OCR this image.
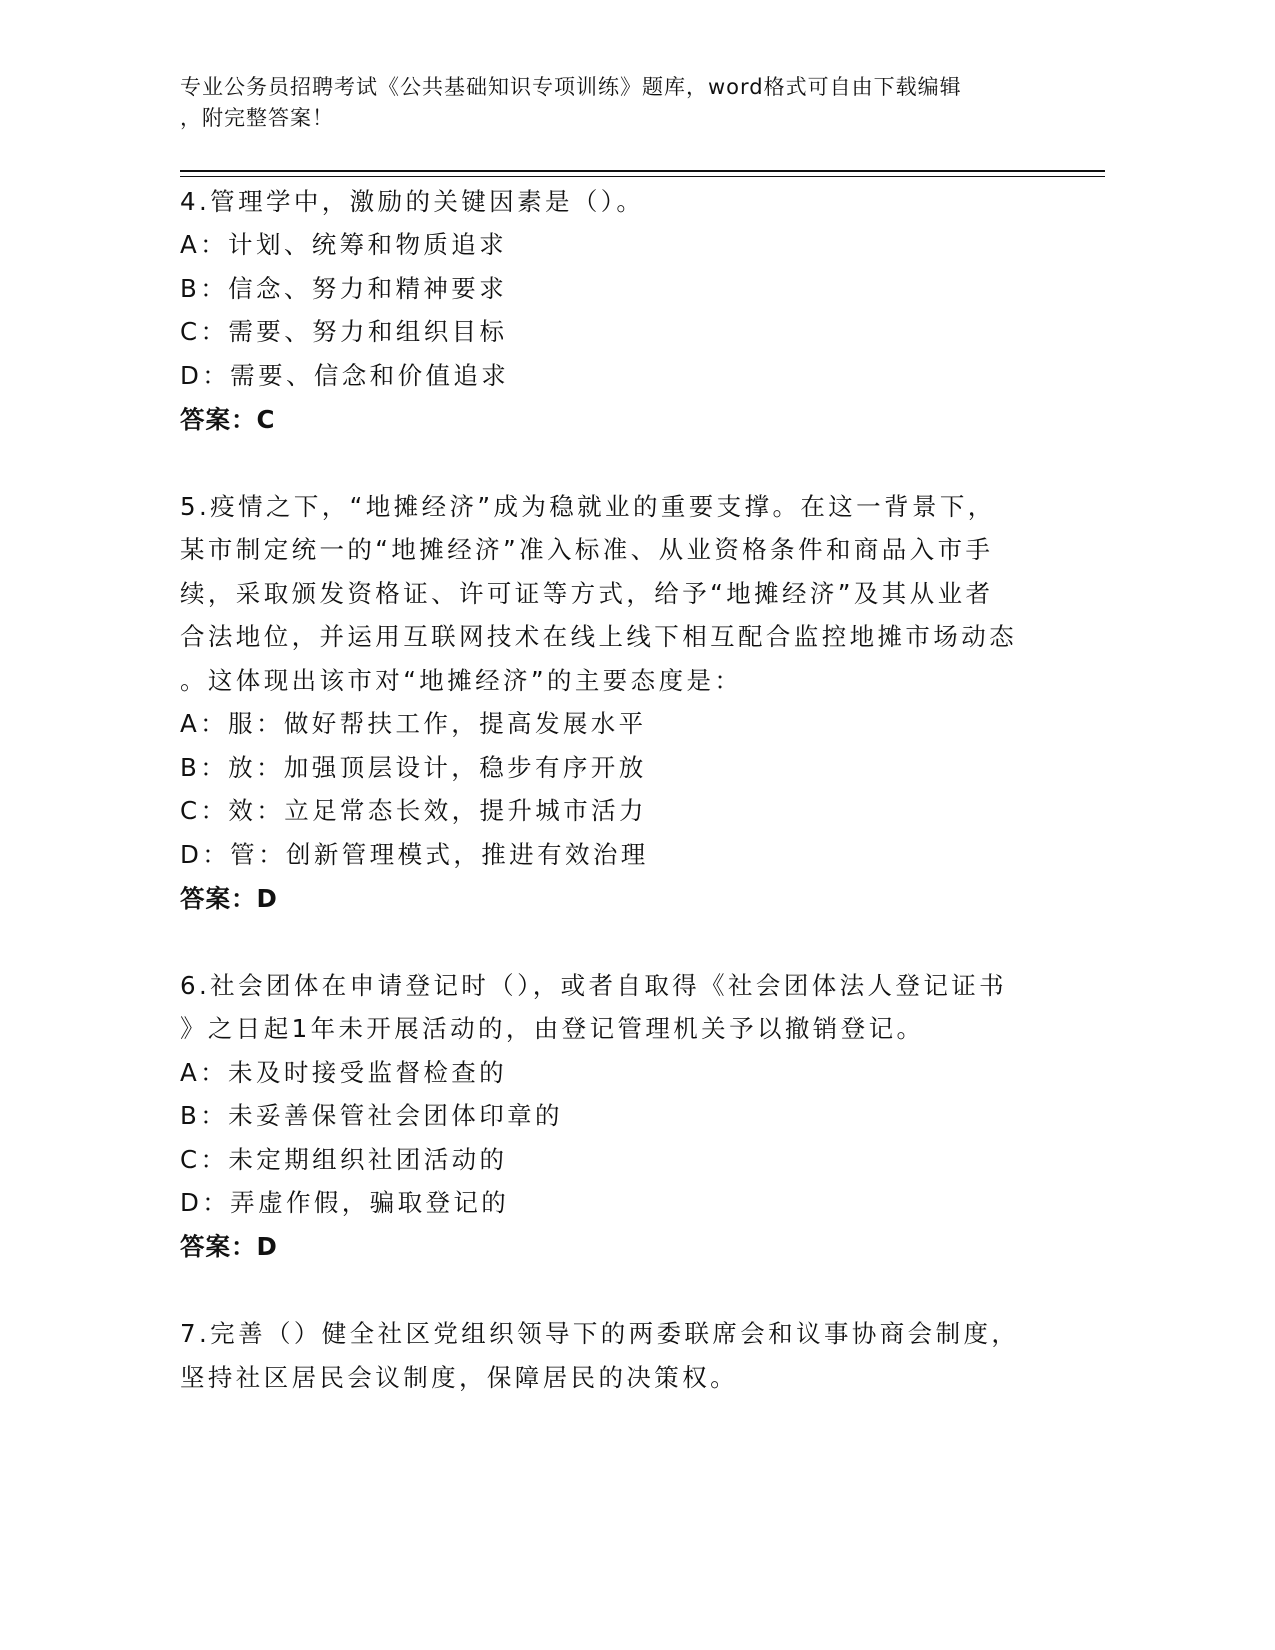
专业公务员招聘考试《公共基础知识专项训练》题库，word格式可自由下载编辑
，附完整答案！
4.管理学中，激励的关键因素是（）。
A：计划、统筹和物质追求
B：信念、努力和精神要求
C：需要、努力和组织目标
D：需要、信念和价值追求
答案：C
5.疫情之下，“地摊经济”成为稳就业的重要支撑。在这一背景下，
某市制定统一的“地摊经济”准入标准、从业资格条件和商品入市手
续，采取颁发资格证、许可证等方式，给予“地摊经济”及其从业者
合法地位，并运用互联网技术在线上线下相互配合监控地摊市场动态
。这体现出该市对“地摊经济”的主要态度是：
A：服：做好帮扶工作，提高发展水平
B：放：加强顶层设计，稳步有序开放
C：效：立足常态长效，提升城市活力
D：管：创新管理模式，推进有效治理
答案：D
6.社会团体在申请登记时（），或者自取得《社会团体法人登记证书
》之日起1年未开展活动的，由登记管理机关予以撤销登记。
A：未及时接受监督检查的
B：未妥善保管社会团体印章的
C：未定期组织社团活动的
D：弄虚作假，骗取登记的
答案：D
7.完善（）健全社区党组织领导下的两委联席会和议事协商会制度，
坚持社区居民会议制度，保障居民的决策权。
